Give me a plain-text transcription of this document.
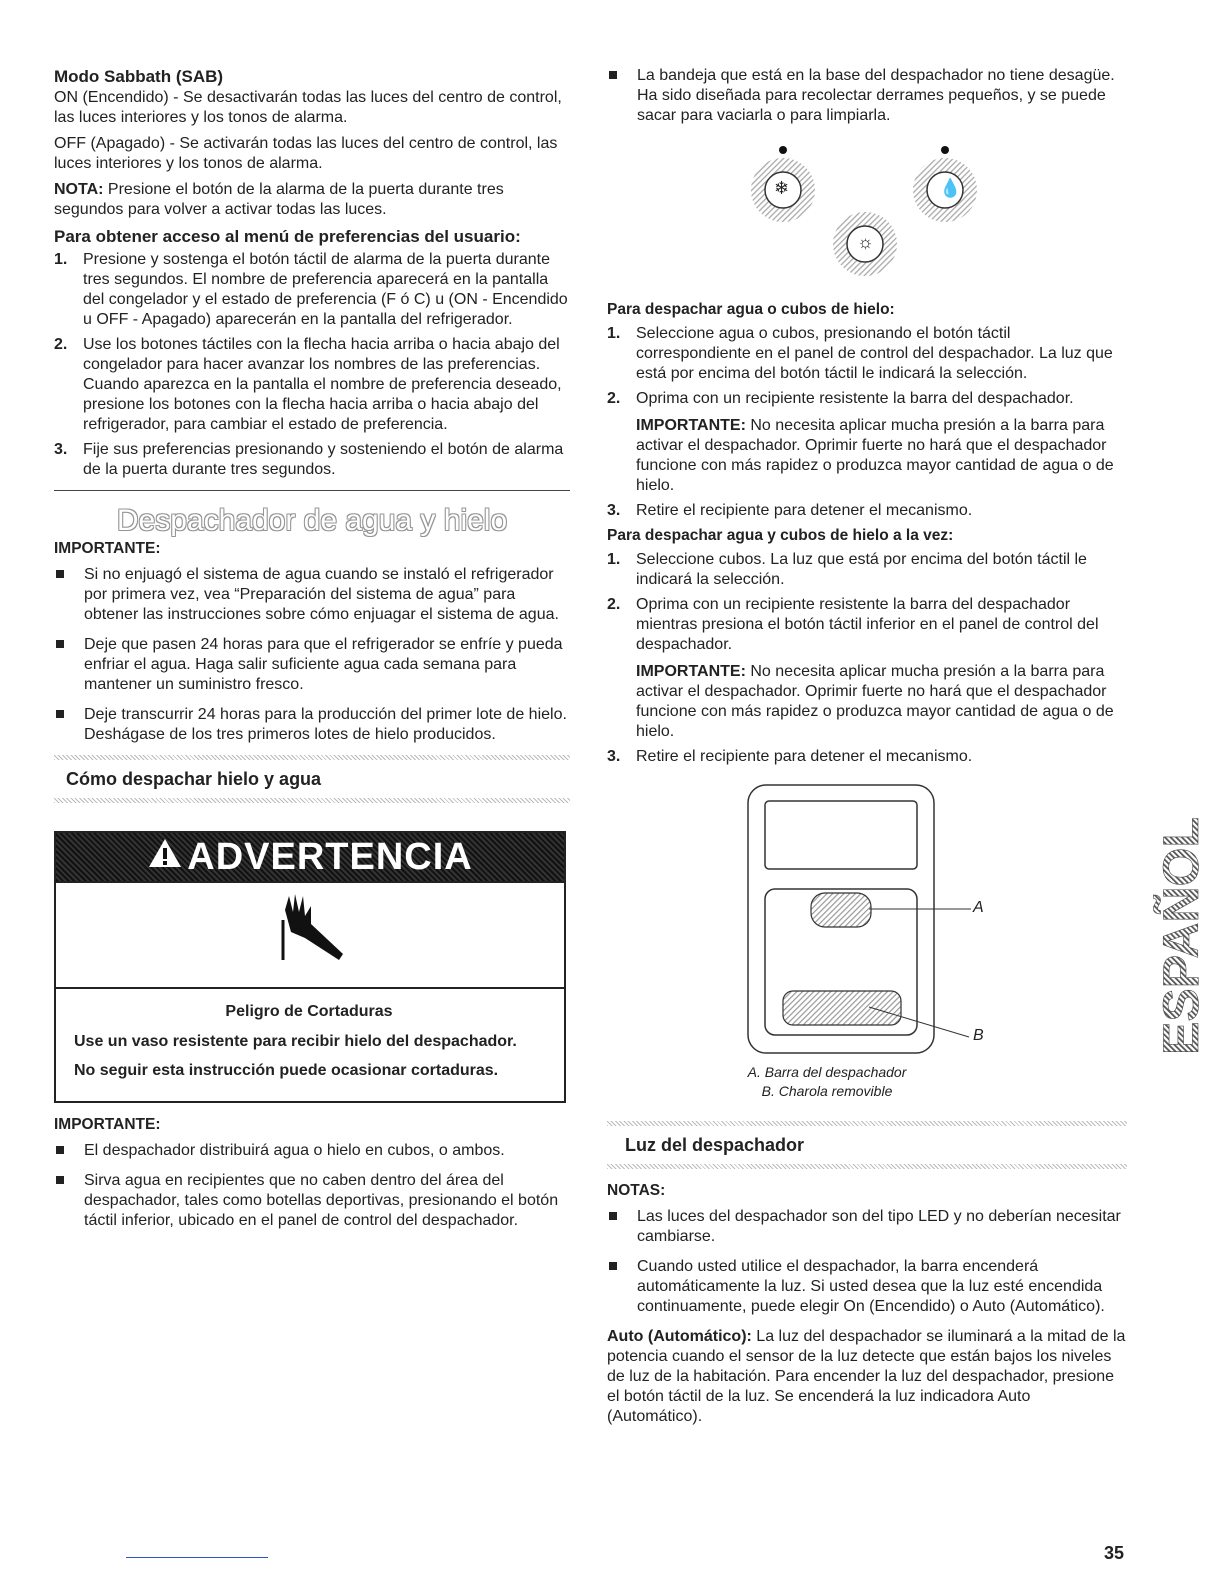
Modo Sabbath (SAB)

ON (Encendido) - Se desactivarán todas las luces del centro de control, las luces interiores y los tonos de alarma.

OFF (Apagado) - Se activarán todas las luces del centro de control, las luces interiores y los tonos de alarma.

NOTA: Presione el botón de la alarma de la puerta durante tres segundos para volver a activar todas las luces.

Para obtener acceso al menú de preferencias del usuario:

1. Presione y sostenga el botón táctil de alarma de la puerta durante tres segundos. El nombre de preferencia aparecerá en la pantalla del congelador y el estado de preferencia (F ó C) u (ON - Encendido u OFF - Apagado) aparecerán en la pantalla del refrigerador.
2. Use los botones táctiles con la flecha hacia arriba o hacia abajo del congelador para hacer avanzar los nombres de las preferencias. Cuando aparezca en la pantalla el nombre de preferencia deseado, presione los botones con la flecha hacia arriba o hacia abajo del refrigerador, para cambiar el estado de preferencia.
3. Fije sus preferencias presionando y sosteniendo el botón de alarma de la puerta durante tres segundos.

Despachador de agua y hielo

IMPORTANTE:

Si no enjuagó el sistema de agua cuando se instaló el refrigerador por primera vez, vea “Preparación del sistema de agua” para obtener las instrucciones sobre cómo enjuagar el sistema de agua.
Deje que pasen 24 horas para que el refrigerador se enfríe y pueda enfriar el agua. Haga salir suficiente agua cada semana para mantener un suministro fresco.
Deje transcurrir 24 horas para la producción del primer lote de hielo. Deshágase de los tres primeros lotes de hielo producidos.
Cómo despachar hielo y agua
ADVERTENCIA
Peligro de Cortaduras
Use un vaso resistente para recibir hielo del despachador.
No seguir esta instrucción puede ocasionar cortaduras.

IMPORTANTE:

El despachador distribuirá agua o hielo en cubos, o ambos.
Sirva agua en recipientes que no caben dentro del área del despachador, tales como botellas deportivas, presionando el botón táctil inferior, ubicado en el panel de control del despachador.
La bandeja que está en la base del despachador no tiene desagüe. Ha sido diseñada para recolectar derrames pequeños, y se puede sacar para vaciarla o para limpiarla.
❄	💧
☼

Para despachar agua o cubos de hielo:

1. Seleccione agua o cubos, presionando el botón táctil correspondiente en el panel de control del despachador. La luz que está por encima del botón táctil le indicará la selección.
2. Oprima con un recipiente resistente la barra del despachador.
IMPORTANTE: No necesita aplicar mucha presión a la barra para activar el despachador. Oprimir fuerte no hará que el despachador funcione con más rapidez o produzca mayor cantidad de agua o de hielo.
3. Retire el recipiente para detener el mecanismo.

Para despachar agua y cubos de hielo a la vez:

1. Seleccione cubos. La luz que está por encima del botón táctil le indicará la selección.
2. Oprima con un recipiente resistente la barra del despachador mientras presiona el botón táctil inferior en el panel de control del despachador.
IMPORTANTE: No necesita aplicar mucha presión a la barra para activar el despachador. Oprimir fuerte no hará que el despachador funcione con más rapidez o produzca mayor cantidad de agua o de hielo.
3. Retire el recipiente para detener el mecanismo.
A
B
A. Barra del despachador
B. Charola removible
Luz del despachador

NOTAS:

Las luces del despachador son del tipo LED y no deberían necesitar cambiarse.
Cuando usted utilice el despachador, la barra encenderá automáticamente la luz. Si usted desea que la luz esté encendida continuamente, puede elegir On (Encendido) o Auto (Automático).

Auto (Automático): La luz del despachador se iluminará a la mitad de la potencia cuando el sensor de la luz detecte que están bajos los niveles de luz de la habitación. Para encender la luz del despachador, presione el botón táctil de la luz. Se encenderá la luz indicadora Auto (Automático).

ESPAÑOL
35
